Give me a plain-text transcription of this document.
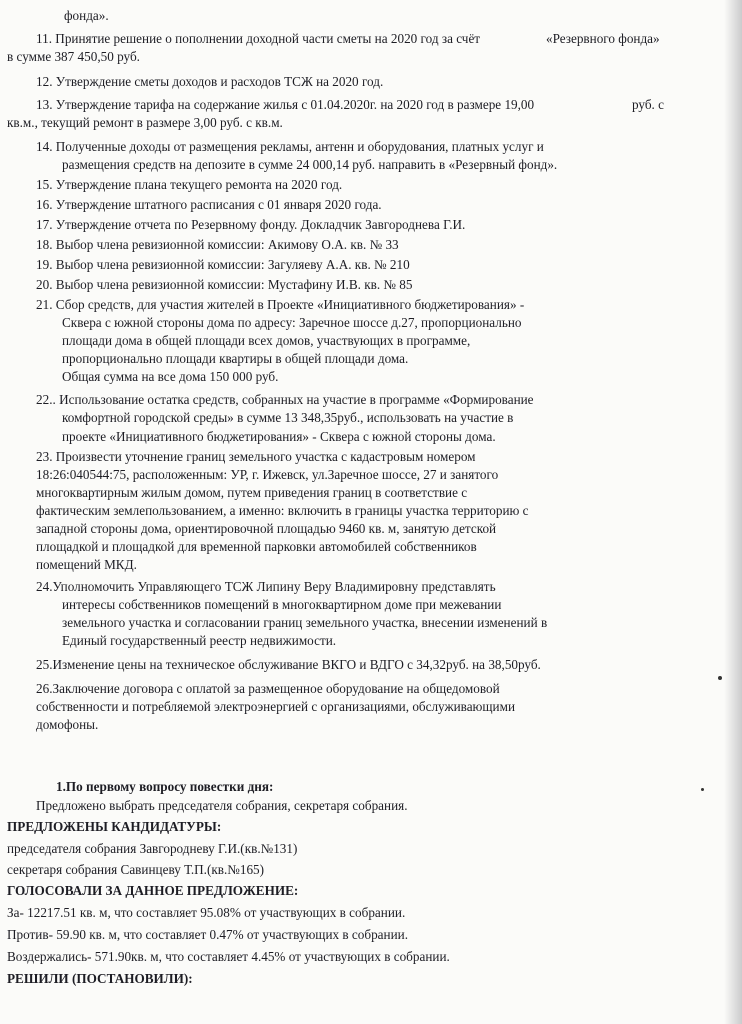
фонда».
11. Принятие решение о пополнении доходной части сметы на 2020 год за счёт	«Резервного фонда»
в сумме 387 450,50 руб.
12. Утверждение сметы доходов и расходов ТСЖ на 2020 год.
13. Утверждение тарифа на содержание жилья с 01.04.2020г. на 2020 год в размере 19,00	руб. с
кв.м., текущий ремонт в размере 3,00 руб. с кв.м.
14. Полученные доходы от размещения рекламы, антенн и оборудования, платных услуг и
размещения средств на депозите в сумме 24 000,14 руб. направить в «Резервный фонд».
15. Утверждение плана текущего ремонта на 2020 год.
16. Утверждение штатного расписания с 01 января 2020 года.
17. Утверждение отчета по Резервному фонду. Докладчик Завгороднева Г.И.
18. Выбор члена ревизионной комиссии: Акимову О.А. кв. № 33
19. Выбор члена ревизионной комиссии: Загуляеву А.А. кв. № 210
20. Выбор члена ревизионной комиссии: Мустафину И.В. кв. № 85
21. Сбор средств, для участия жителей в Проекте «Инициативного бюджетирования» -
Сквера с южной стороны дома по адресу: Заречное шоссе д.27, пропорционально
площади дома в общей площади всех домов, участвующих в программе,
пропорционально площади квартиры в общей площади дома.
Общая сумма на все дома 150 000 руб.
22.. Использование остатка средств, собранных на участие в программе «Формирование
комфортной городской среды» в сумме 13 348,35руб., использовать на участие в
проекте «Инициативного бюджетирования» - Сквера с южной стороны дома.
23. Произвести уточнение границ земельного участка с кадастровым номером
18:26:040544:75, расположенным: УР, г. Ижевск, ул.Заречное шоссе, 27 и занятого
многоквартирным жилым домом, путем приведения границ в соответствие с
фактическим землепользованием, а именно: включить в границы участка территорию с
западной стороны дома, ориентировочной площадью 9460 кв. м, занятую детской
площадкой и площадкой для временной парковки автомобилей собственников
помещений МКД.
24.Уполномочить Управляющего ТСЖ Липину Веру Владимировну представлять
интересы собственников помещений в многоквартирном доме при межевании
земельного участка и согласовании границ земельного участка, внесении изменений в
Единый государственный реестр недвижимости.
25.Изменение цены на техническое обслуживание ВКГО и ВДГО с 34,32руб. на 38,50руб.
26.Заключение договора с оплатой за размещенное оборудование на общедомовой
собственности и потребляемой электроэнергией с организациями, обслуживающими
домофоны.
1.По первому вопросу повестки дня:
Предложено выбрать председателя собрания, секретаря собрания.
ПРЕДЛОЖЕНЫ КАНДИДАТУРЫ:
председателя собрания Завгородневу Г.И.(кв.№131)
секретаря собрания Савинцеву Т.П.(кв.№165)
ГОЛОСОВАЛИ ЗА ДАННОЕ ПРЕДЛОЖЕНИЕ:
За- 12217.51 кв. м, что составляет 95.08% от участвующих в собрании.
Против- 59.90 кв. м, что составляет 0.47% от участвующих в собрании.
Воздержались- 571.90кв. м, что составляет 4.45% от участвующих в собрании.
РЕШИЛИ (ПОСТАНОВИЛИ):
